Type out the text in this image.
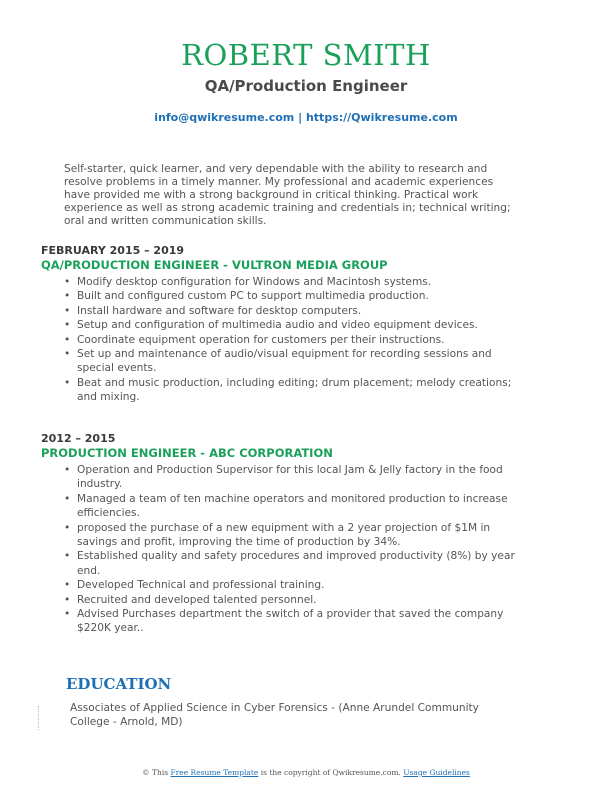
ROBERT SMITH
QA/Production Engineer
info@qwikresume.com | https://Qwikresume.com
Self-starter, quick learner, and very dependable with the ability to research and resolve problems in a timely manner. My professional and academic experiences have provided me with a strong background in critical thinking. Practical work experience as well as strong academic training and credentials in; technical writing; oral and written communication skills.
FEBRUARY 2015 – 2019
QA/PRODUCTION ENGINEER - VULTRON MEDIA GROUP
• Modify desktop configuration for Windows and Macintosh systems.
• Built and configured custom PC to support multimedia production.
• Install hardware and software for desktop computers.
• Setup and configuration of multimedia audio and video equipment devices.
• Coordinate equipment operation for customers per their instructions.
• Set up and maintenance of audio/visual equipment for recording sessions and special events.
• Beat and music production, including editing; drum placement; melody creations; and mixing.
2012 – 2015
PRODUCTION ENGINEER - ABC CORPORATION
• Operation and Production Supervisor for this local Jam & Jelly factory in the food industry.
• Managed a team of ten machine operators and monitored production to increase efficiencies.
• proposed the purchase of a new equipment with a 2 year projection of $1M in savings and profit, improving the time of production by 34%.
• Established quality and safety procedures and improved productivity (8%) by year end.
• Developed Technical and professional training.
• Recruited and developed talented personnel.
• Advised Purchases department the switch of a provider that saved the company $220K year..
EDUCATION
Associates of Applied Science in Cyber Forensics - (Anne Arundel Community College - Arnold, MD)
© This Free Resume Template is the copyright of Qwikresume.com. Usage Guidelines
